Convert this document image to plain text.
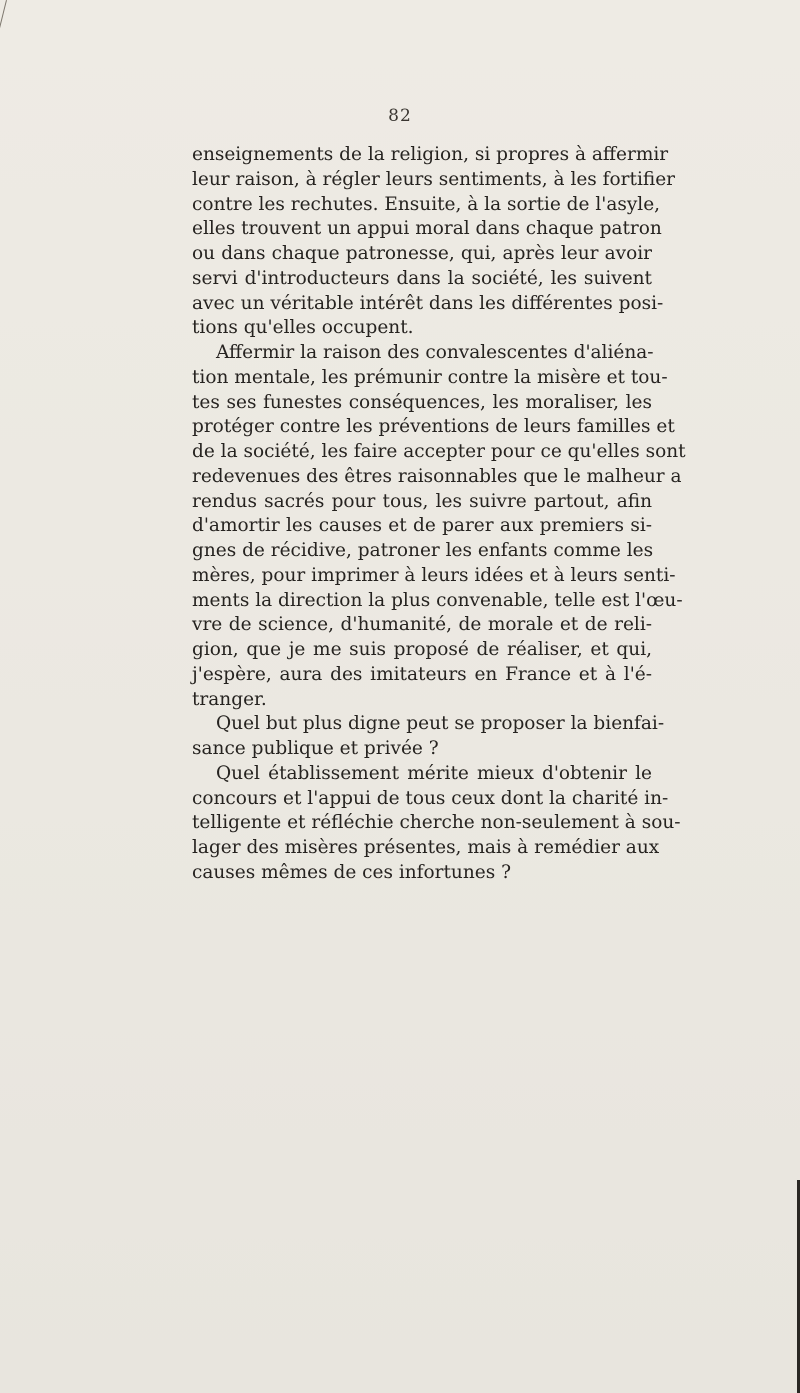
82
enseignements de la religion, si propres à affermir
leur raison, à régler leurs sentiments, à les fortifier
contre les rechutes. Ensuite, à la sortie de l'asyle,
elles trouvent un appui moral dans chaque patron
ou dans chaque patronesse, qui, après leur avoir
servi d'introducteurs dans la société, les suivent
avec un véritable intérêt dans les différentes posi-
tions qu'elles occupent.
Affermir la raison des convalescentes d'aliéna-
tion mentale, les prémunir contre la misère et tou-
tes ses funestes conséquences, les moraliser, les
protéger contre les préventions de leurs familles et
de la société, les faire accepter pour ce qu'elles sont
redevenues des êtres raisonnables que le malheur a
rendus sacrés pour tous, les suivre partout, afin
d'amortir les causes et de parer aux premiers si-
gnes de récidive, patroner les enfants comme les
mères, pour imprimer à leurs idées et à leurs senti-
ments la direction la plus convenable, telle est l'œu-
vre de science, d'humanité, de morale et de reli-
gion, que je me suis proposé de réaliser, et qui,
j'espère, aura des imitateurs en France et à l'é-
tranger.
Quel but plus digne peut se proposer la bienfai-
sance publique et privée ?
Quel établissement mérite mieux d'obtenir le
concours et l'appui de tous ceux dont la charité in-
telligente et réfléchie cherche non-seulement à sou-
lager des misères présentes, mais à remédier aux
causes mêmes de ces infortunes ?
